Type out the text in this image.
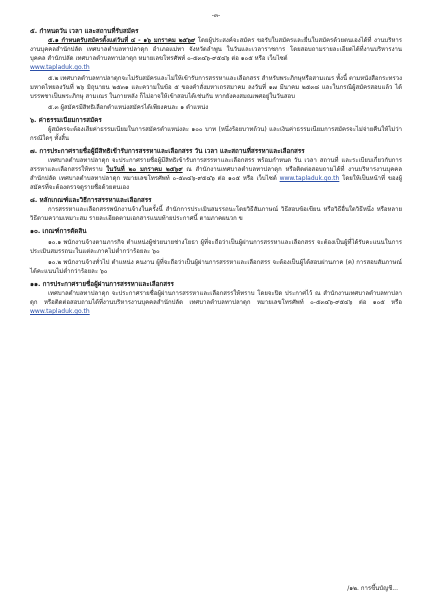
-๓-
๕. กำหนดวัน เวลา และสถานที่รับสมัคร

๕.๑ กำหนดรับสมัครตั้งแต่วันที่ ๔ - ๑๖ มกราคม ๒๕๖๙ โดยผู้ประสงค์จะสมัคร ขอรับใบสมัครและยื่นใบสมัครด้วยตนเองได้ที่ งานบริหารงานบุคคลสำนักปลัด เทศบาลตำบลทาปลาดุก อำเภอแม่ทา จังหวัดลำพูน ในวันและเวลาราชการ โดยสอบถามรายละเอียดได้ที่งานบริหารงานบุคคล สำนักปลัด เทศบาลตำบลทาปลาดุก หมายเลขโทรศัพท์ ๐-๕๓๔๖-๙๕๔๖ ต่อ ๑๐๕ หรือ เว็บไซต์

www.tapladuk.go.th

๕.๒ เทศบาลตำบลทาปลาดุกจะไม่รับสมัครและไม่ให้เข้ารับการสรรหาและเลือกสรร สำหรับพระภิกษุหรือสามเณร ทั้งนี้ ตามหนังสือกระทรวงมหาดไทยลงวันที่ ๒๖ มิถุนายน ๒๕๓๑ และความในข้อ ๕ ของคำสั่งมหาเถรสมาคม ลงวันที่ ๑๗ มีนาคม ๒๕๓๘ และในกรณีผู้สมัครสอบแล้ว ได้บรรพชาเป็นพระภิกษุ สามเณร ในภายหลัง ก็ไม่อาจให้เข้าสอบได้เช่นกัน หากยังคงสมณเพศอยู่ในวันสอบ

๕.๓ ผู้สมัครมีสิทธิเลือกตำแหน่งสมัครได้เพียงคนละ ๑ ตำแหน่ง

๖. ค่าธรรมเนียมการสมัคร

ผู้สมัครจะต้องเสียค่าธรรมเนียมในการสมัครตำแหน่งละ ๑๐๐ บาท (หนึ่งร้อยบาทถ้วน) และเงินค่าธรรมเนียมการสมัครจะไม่จ่ายคืนให้ไม่ว่ากรณีใดๆ ทั้งสิ้น

๗. การประกาศรายชื่อผู้มีสิทธิเข้ารับการสรรหาและเลือกสรร วัน เวลา และสถานที่สรรหาและเลือกสรร

เทศบาลตำบลทาปลาดุก จะประกาศรายชื่อผู้มีสิทธิเข้ารับการสรรหาและเลือกสรร พร้อมกำหนด วัน เวลา สถานที่ และระเบียบเกี่ยวกับการสรรหาและเลือกสรรให้ทราบ ในวันที่ ๒๐ มกราคม ๒๕๖๙ ณ สำนักงานเทศบาลตำบลทาปลาดุก หรือติดต่อสอบถามได้ที่ งานบริหารงานบุคคลสำนักปลัด เทศบาลตำบลทาปลาดุก หมายเลขโทรศัพท์ ๐-๕๓๔๖-๙๕๔๖ ต่อ ๑๐๕ หรือ เว็บไซต์ www.tapladuk.go.th โดยให้เป็นหน้าที่ ของผู้สมัครที่จะต้องตรวจดูรายชื่อด้วยตนเอง

๘. หลักเกณฑ์และวิธีการสรรหาและเลือกสรร

การสรรหาและเลือกสรรพนักงานจ้างในครั้งนี้ สำนักการประเมินสมรรถนะโดยวิธีสัมภาษณ์ วิธีสอบข้อเขียน หรือวิธีอื่นใดวิธีหนึ่ง หรือหลายวิธีตามความเหมาะสม รายละเอียดตามเอกสารแนบท้ายประกาศนี้ ตามภาคผนวก ข

๑๐. เกณฑ์การตัดสิน

๑๐.๑ พนักงานจ้างตามภารกิจ ตำแหน่งผู้ช่วยนายช่างโยธา ผู้ที่จะถือว่าเป็นผู้ผ่านการสรรหาและเลือกสรร จะต้องเป็นผู้ที่ได้รับคะแนนในการประเมินสมรรถนะในแต่ละภาคไม่ต่ำกว่าร้อยละ ๖๐

๑๐.๒ พนักงานจ้างทั่วไป ตำแหน่ง คนงาน ผู้ที่จะถือว่าเป็นผู้ผ่านการสรรหาและเลือกสรร จะต้องเป็นผู้ได้สอบผ่านภาค (ค) การสอบสัมภาษณ์ได้คะแนนไม่ต่ำกว่าร้อยละ ๖๐

๑๑. การประกาศรายชื่อผู้ผ่านการสรรหาและเลือกสรร

เทศบาลตำบลทาปลาดุก จะประกาศรายชื่อผู้ผ่านการสรรหาและเลือกสรรให้ทราบ โดยจะปิด ประกาศไว้ ณ สำนักงานเทศบาลตำบลทาปลาดุก หรือติดต่อสอบถามได้ที่งานบริหารงานบุคคลสำนักปลัด เทศบาลตำบลทาปลาดุก หมายเลขโทรศัพท์ ๐-๕๓๔๖-๙๕๔๖ ต่อ ๑๐๕ หรือ www.tapladuk.go.th

/๑๒. การขึ้นบัญชี...
